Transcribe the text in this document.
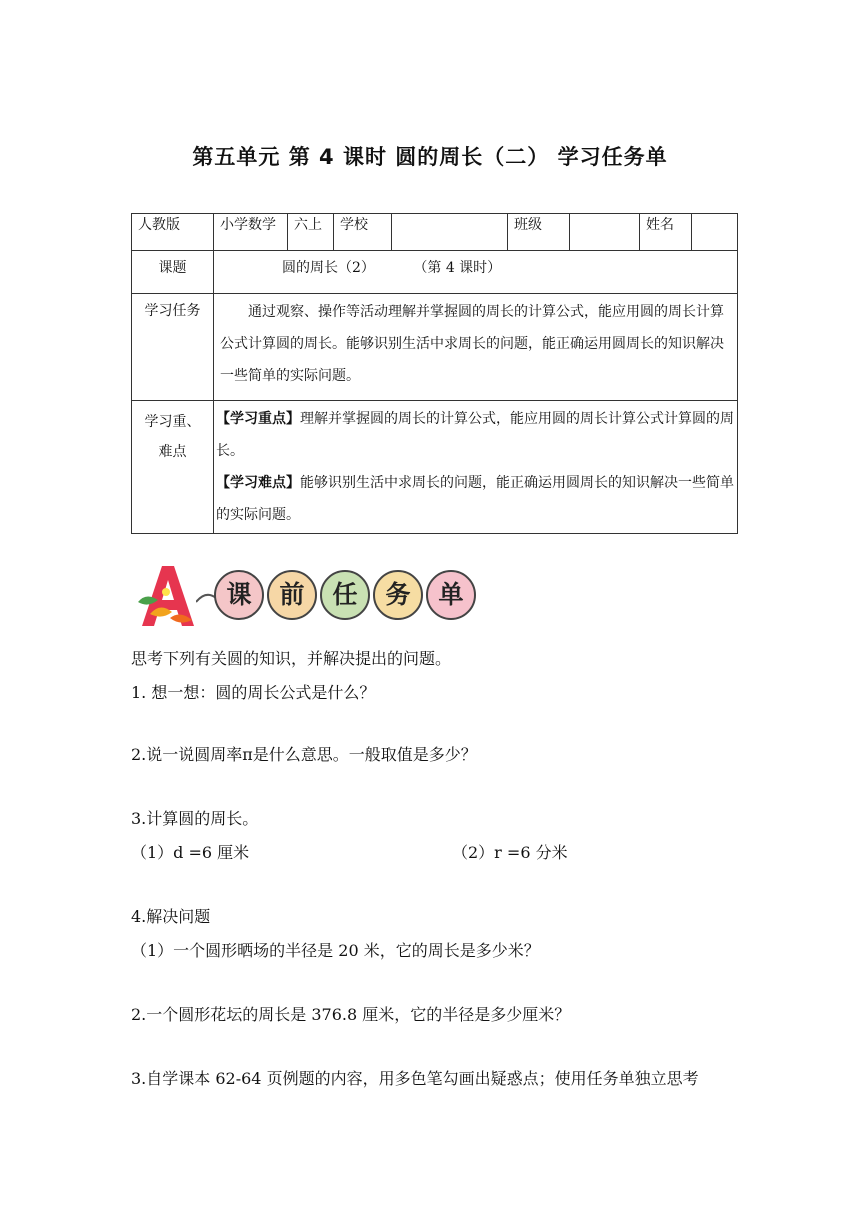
第五单元 第 4 课时 圆的周长（二） 学习任务单
人教版	小学数学	六上	学校		班级		姓名	
课题	圆的周长（2） （第 4 课时）							
学习任务	通过观察、操作等活动理解并掌握圆的周长的计算公式，能应用圆的周长计算公式计算圆的周长。能够识别生活中求周长的问题，能正确运用圆周长的知识解决一些简单的实际问题。							
学习重、难点	【学习重点】理解并掌握圆的周长的计算公式，能应用圆的周长计算公式计算圆的周长。
【学习难点】能够识别生活中求周长的问题，能正确运用圆周长的知识解决一些简单的实际问题。							
课	前	任	务	单
思考下列有关圆的知识，并解决提出的问题。
1. 想一想：圆的周长公式是什么？
2.说一说圆周率π是什么意思。一般取值是多少？
3.计算圆的周长。
（1）d =6 厘米	（2）r =6 分米
4.解决问题
（1）一个圆形晒场的半径是 20 米，它的周长是多少米？
2.一个圆形花坛的周长是 376.8 厘米，它的半径是多少厘米？
3.自学课本 62-64 页例题的内容，用多色笔勾画出疑惑点；使用任务单独立思考
